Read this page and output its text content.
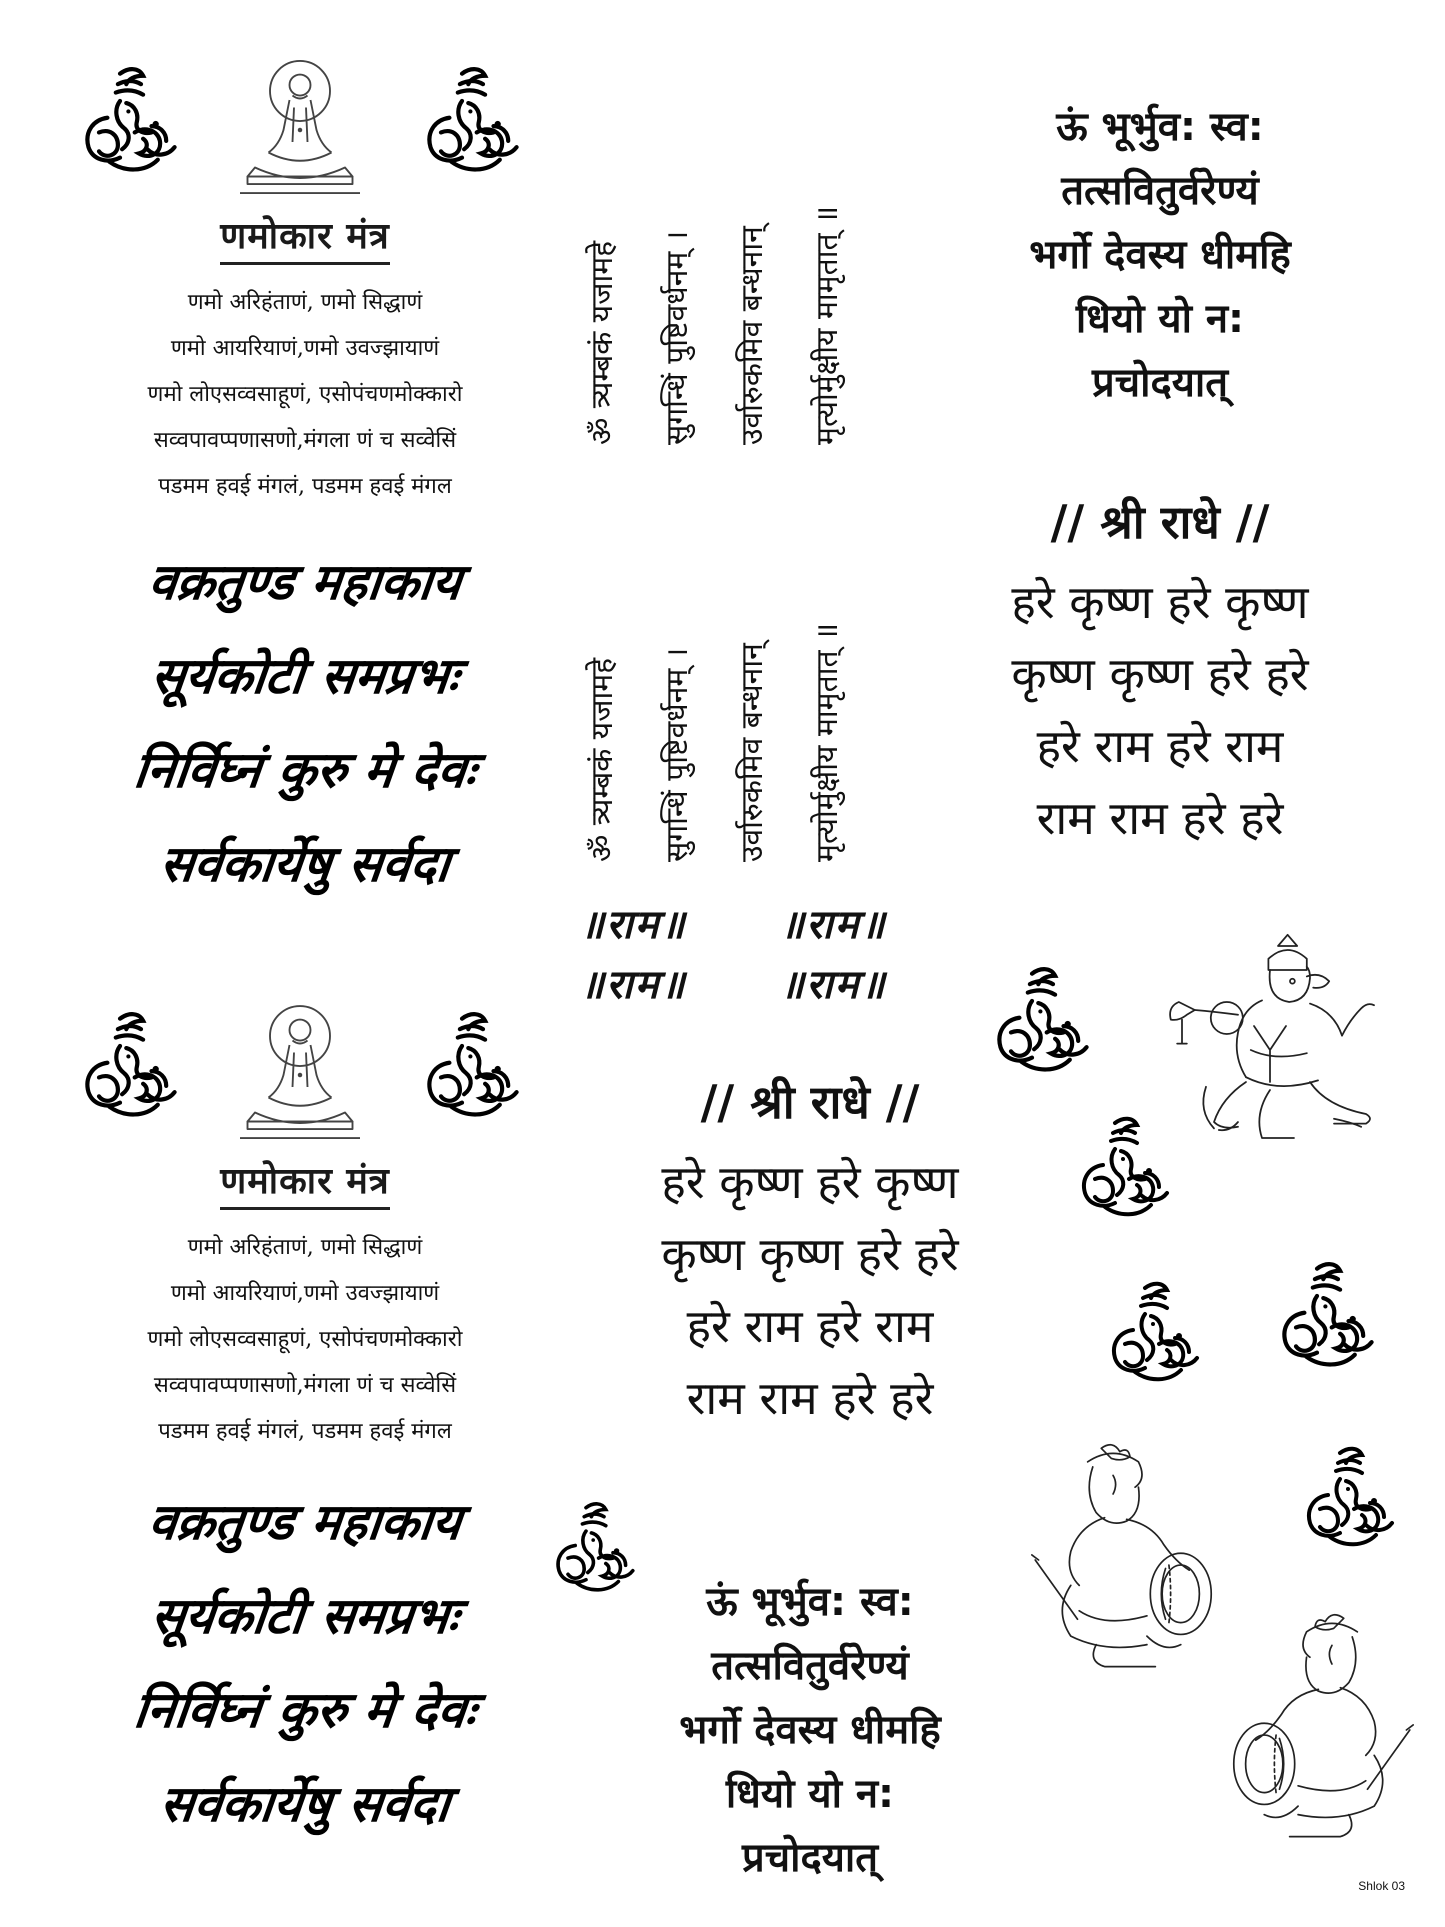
णमोकार मंत्र
णमो अरिहंताणं, णमो सिद्धाणं
णमो आयरियाणं,णमो उवज्झायाणं
णमो लोएसव्वसाहूणं, एसोपंचणमोक्कारो
सव्वपावप्पणासणो,मंगला णं च सव्वेसिं
पडमम हवई मंगलं, पडमम हवई मंगल
वक्रतुण्ड महाकाय
सूर्यकोटी समप्रभः
निर्विघ्नं कुरु मे देवः
सर्वकार्येषु सर्वदा
णमोकार मंत्र
णमो अरिहंताणं, णमो सिद्धाणं
णमो आयरियाणं,णमो उवज्झायाणं
णमो लोएसव्वसाहूणं, एसोपंचणमोक्कारो
सव्वपावप्पणासणो,मंगला णं च सव्वेसिं
पडमम हवई मंगलं, पडमम हवई मंगल
वक्रतुण्ड महाकाय
सूर्यकोटी समप्रभः
निर्विघ्नं कुरु मे देवः
सर्वकार्येषु सर्वदा
ॐ त्र्यम्बकं यजामहे सुगन्धिं पुष्टिवर्धनम् । उर्वारुकमिव बन्धनान् मृत्योर्मुक्षीय मामृतात् ॥
ॐ त्र्यम्बकं यजामहे सुगन्धिं पुष्टिवर्धनम् । उर्वारुकमिव बन्धनान् मृत्योर्मुक्षीय मामृतात् ॥
॥राम॥ ॥राम॥
॥राम॥ ॥राम॥
ऊं भूर्भुव: स्व:
तत्सवितुर्वरेण्यं
भर्गो देवस्य धीमहि
धियो यो न:
प्रचोदयात्
// श्री राधे //
हरे कृष्ण हरे कृष्ण
कृष्ण कृष्ण हरे हरे
हरे राम हरे राम
राम राम हरे हरे
// श्री राधे //
हरे कृष्ण हरे कृष्ण
कृष्ण कृष्ण हरे हरे
हरे राम हरे राम
राम राम हरे हरे
ऊं भूर्भुव: स्व:
तत्सवितुर्वरेण्यं
भर्गो देवस्य धीमहि
धियो यो न:
प्रचोदयात्
Shlok 03
